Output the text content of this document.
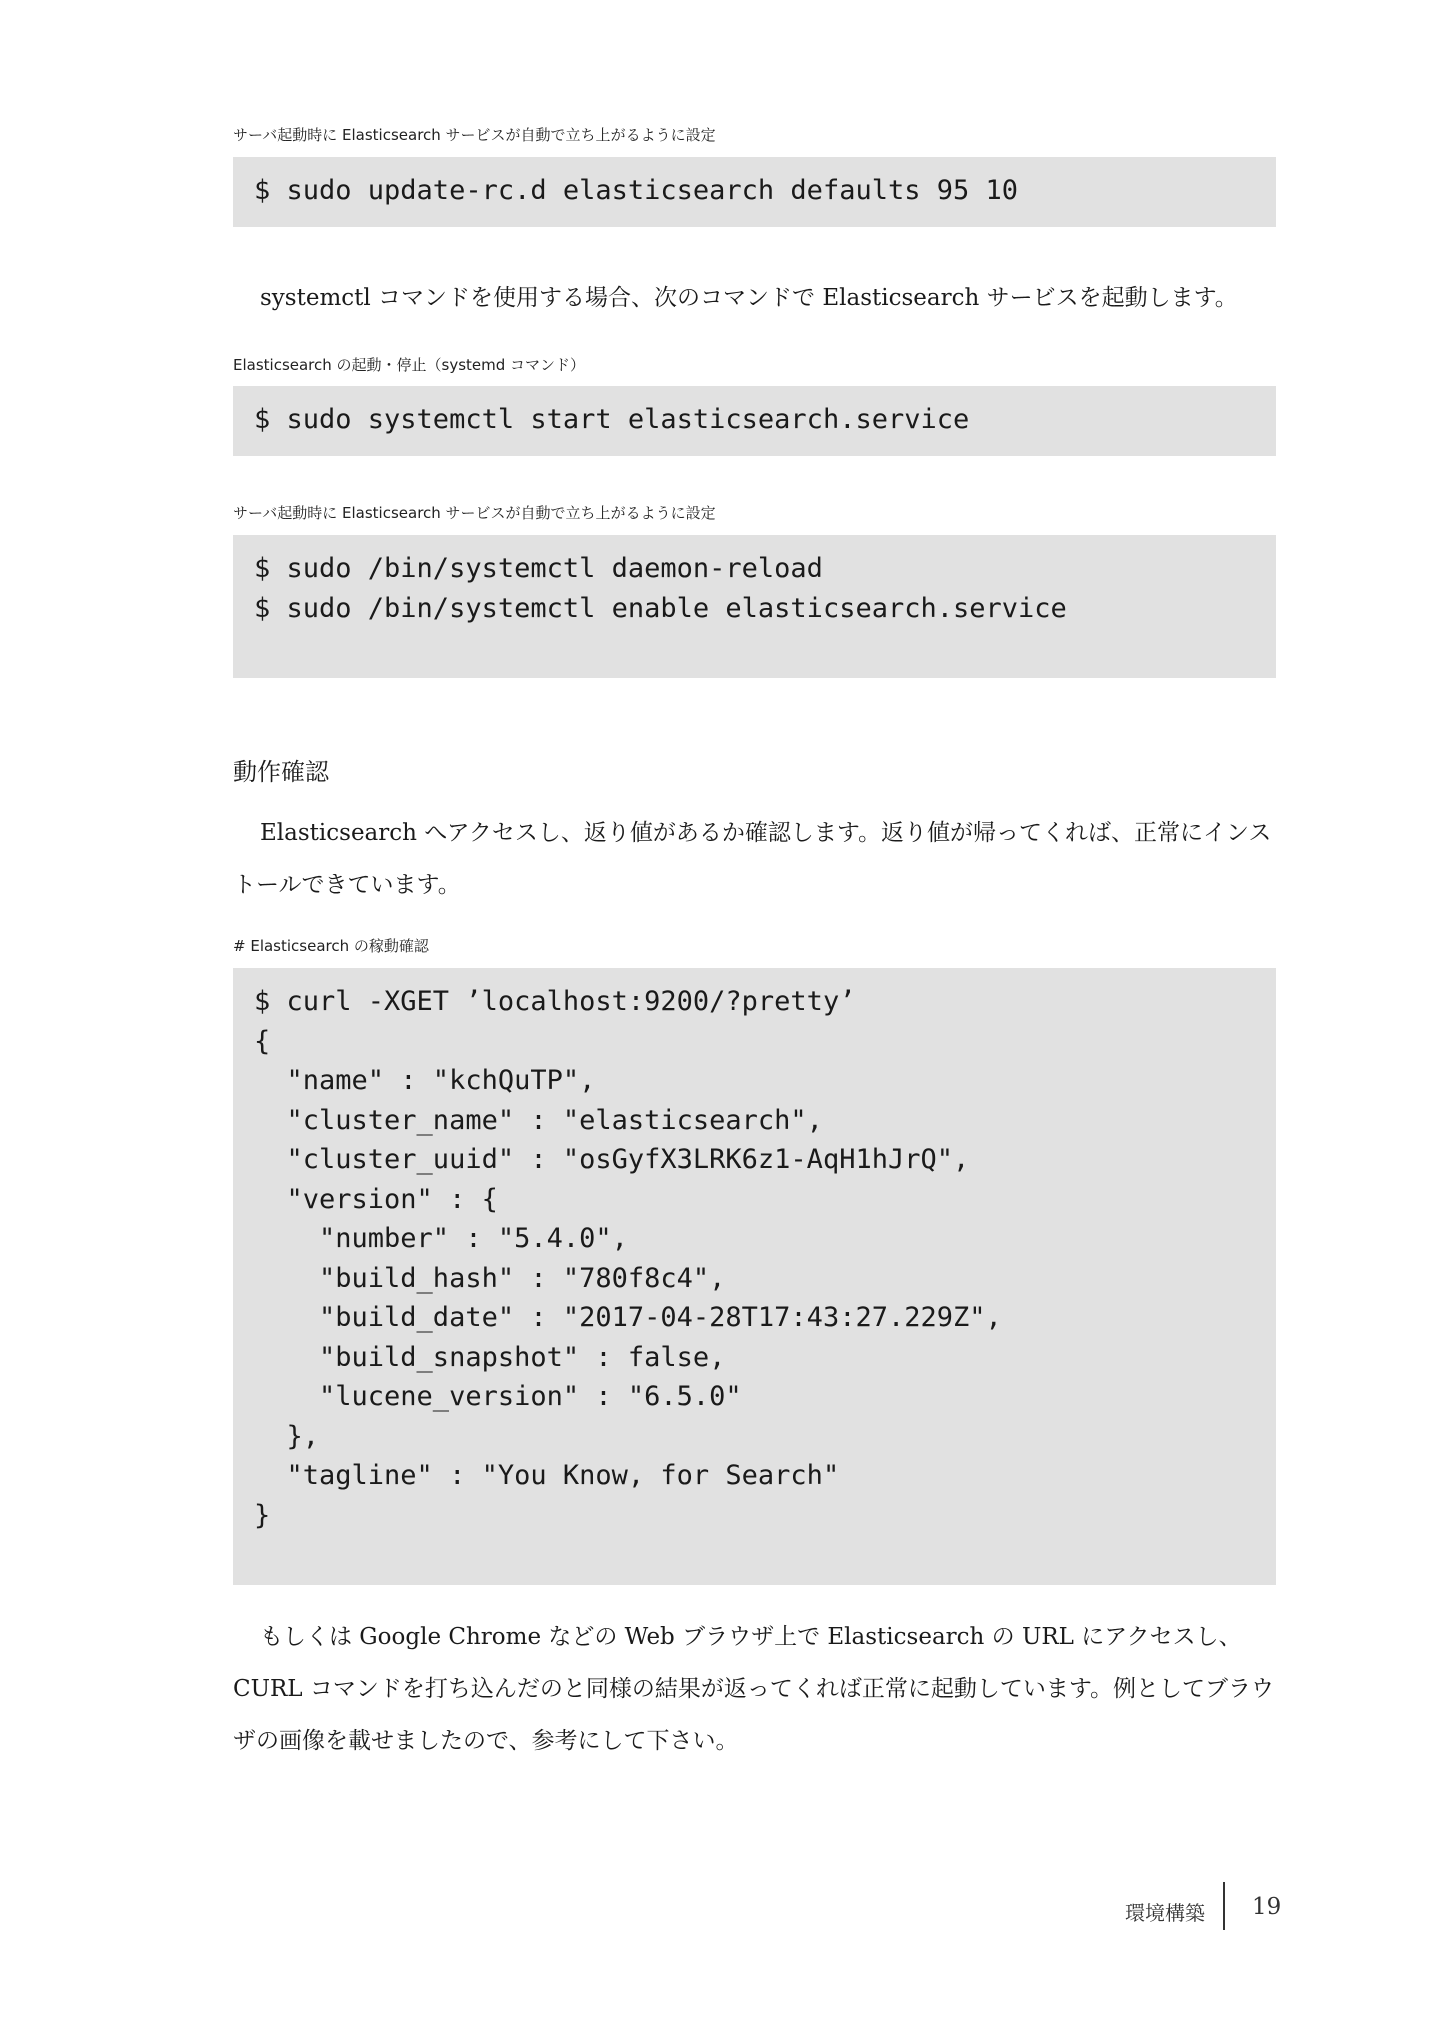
サーバ起動時に Elasticsearch サービスが自動で立ち上がるように設定
$ sudo update-rc.d elasticsearch defaults 95 10
systemctl コマンドを使用する場合、次のコマンドで Elasticsearch サービスを起動します。
Elasticsearch の起動・停止（systemd コマンド）
$ sudo systemctl start elasticsearch.service
サーバ起動時に Elasticsearch サービスが自動で立ち上がるように設定
$ sudo /bin/systemctl daemon-reload
$ sudo /bin/systemctl enable elasticsearch.service
動作確認
Elasticsearch へアクセスし、返り値があるか確認します。返り値が帰ってくれば、正常にインストールできています。
# Elasticsearch の稼動確認
$ curl -XGET ’localhost:9200/?pretty’
{
"name" : "kchQuTP",
"cluster_name" : "elasticsearch",
"cluster_uuid" : "osGyfX3LRK6z1-AqH1hJrQ",
"version" : {
"number" : "5.4.0",
"build_hash" : "780f8c4",
"build_date" : "2017-04-28T17:43:27.229Z",
"build_snapshot" : false,
"lucene_version" : "6.5.0"
},
"tagline" : "You Know, for Search"
}
もしくは Google Chrome などの Web ブラウザ上で Elasticsearch の URL にアクセスし、CURL コマンドを打ち込んだのと同様の結果が返ってくれば正常に起動しています。例としてブラウザの画像を載せましたので、参考にして下さい。
環境構築 19
